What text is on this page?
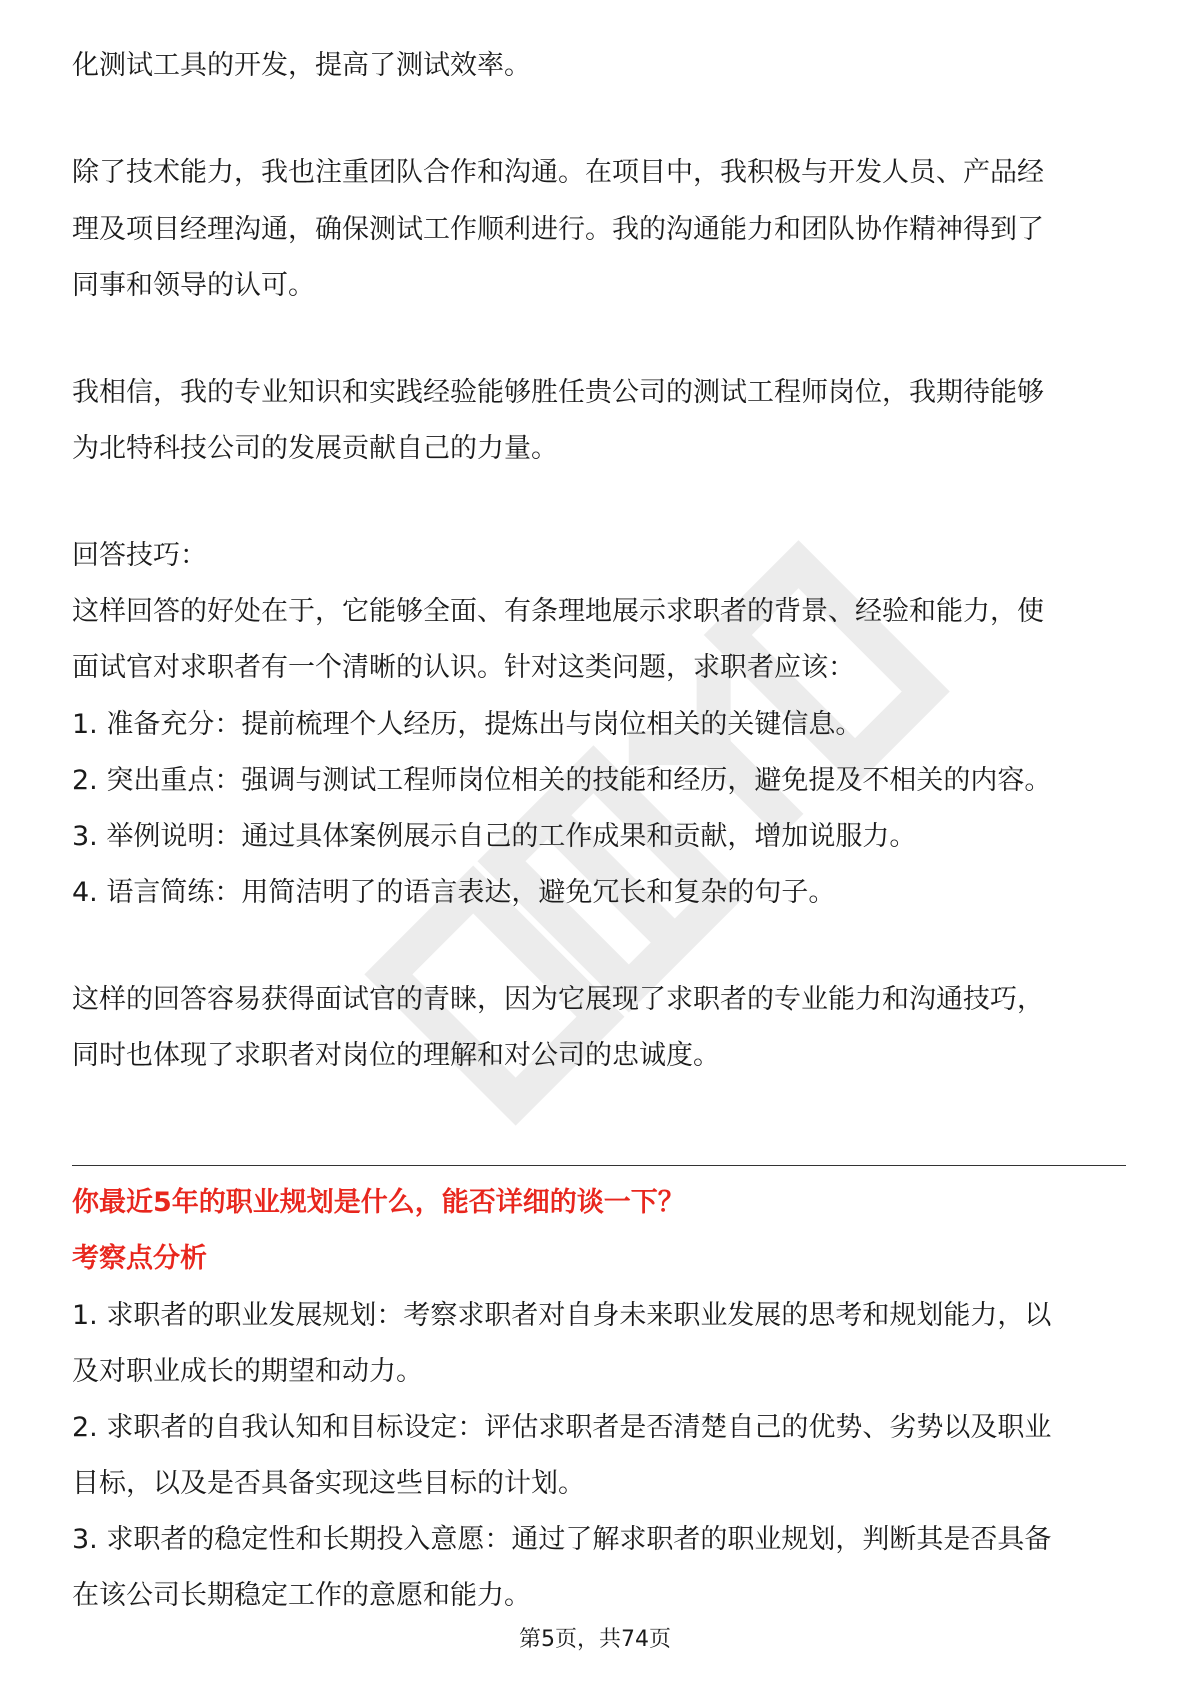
化测试工具的开发，提高了测试效率。
除了技术能力，我也注重团队合作和沟通。在项目中，我积极与开发人员、产品经
理及项目经理沟通，确保测试工作顺利进行。我的沟通能力和团队协作精神得到了
同事和领导的认可。
我相信，我的专业知识和实践经验能够胜任贵公司的测试工程师岗位，我期待能够
为北特科技公司的发展贡献自己的力量。
回答技巧：
这样回答的好处在于，它能够全面、有条理地展示求职者的背景、经验和能力，使
面试官对求职者有一个清晰的认识。针对这类问题，求职者应该：
1. 准备充分：提前梳理个人经历，提炼出与岗位相关的关键信息。
2. 突出重点：强调与测试工程师岗位相关的技能和经历，避免提及不相关的内容。
3. 举例说明：通过具体案例展示自己的工作成果和贡献，增加说服力。
4. 语言简练：用简洁明了的语言表达，避免冗长和复杂的句子。
这样的回答容易获得面试官的青睐，因为它展现了求职者的专业能力和沟通技巧，
同时也体现了求职者对岗位的理解和对公司的忠诚度。
你最近5年的职业规划是什么，能否详细的谈一下？
考察点分析
1. 求职者的职业发展规划：考察求职者对自身未来职业发展的思考和规划能力，以
及对职业成长的期望和动力。
2. 求职者的自我认知和目标设定：评估求职者是否清楚自己的优势、劣势以及职业
目标，以及是否具备实现这些目标的计划。
3. 求职者的稳定性和长期投入意愿：通过了解求职者的职业规划，判断其是否具备
在该公司长期稳定工作的意愿和能力。
第5页，共74页
